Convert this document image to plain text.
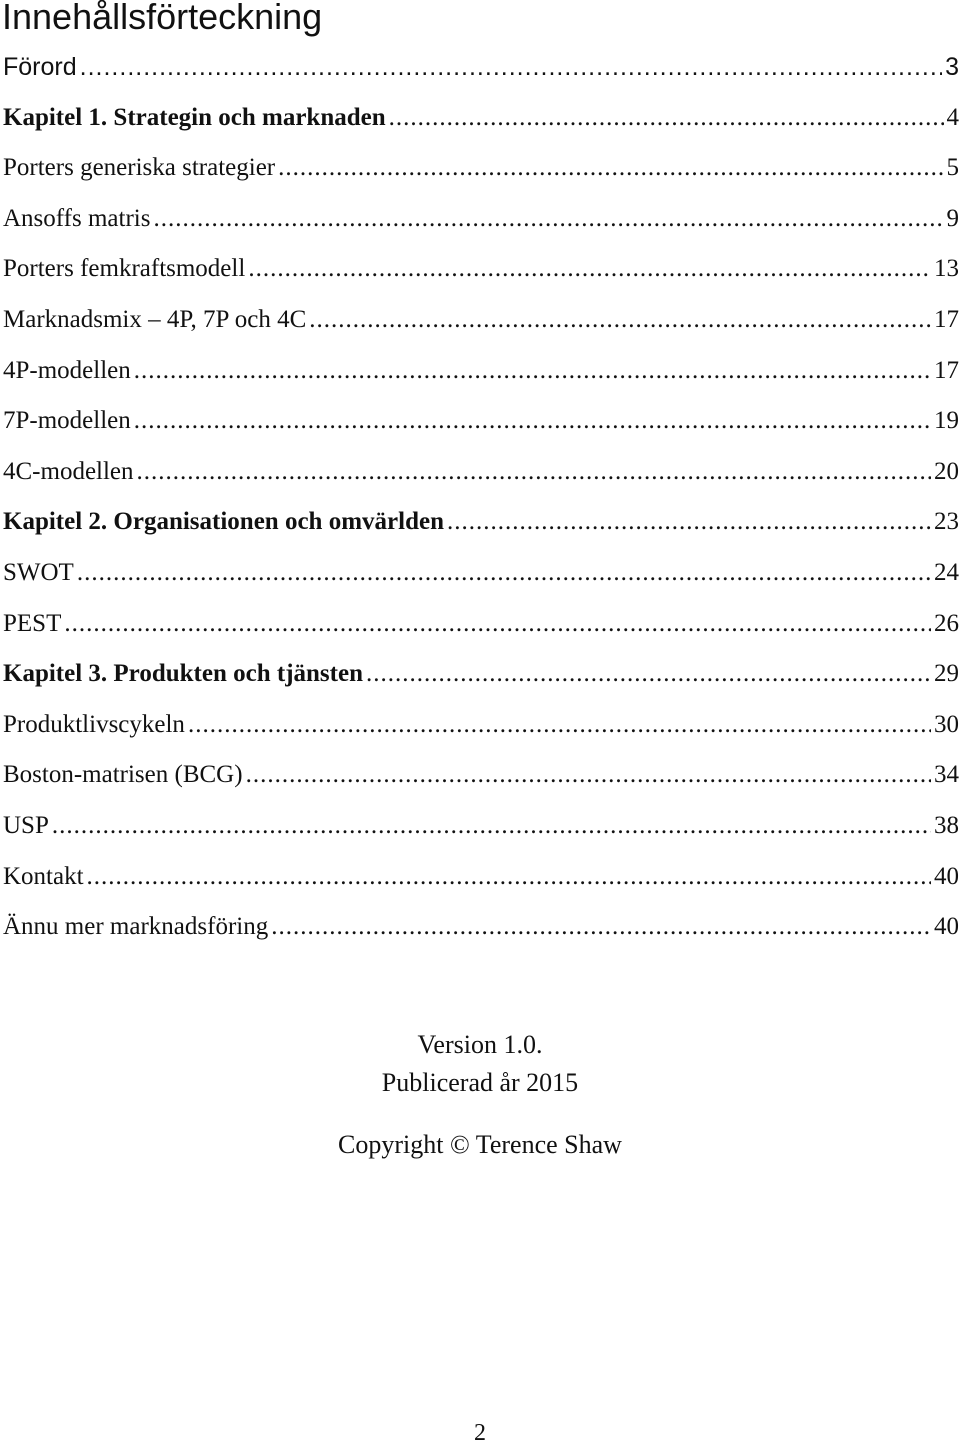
Innehållsförteckning
Förord .....	3
Kapitel 1. Strategin och marknaden .....	4
Porters generiska strategier .....	5
Ansoffs matris .....	9
Porters femkraftsmodell .....	13
Marknadsmix – 4P, 7P och 4C .....	17
4P-modellen .....	17
7P-modellen .....	19
4C-modellen .....	20
Kapitel 2. Organisationen och omvärlden .....	23
SWOT .....	24
PEST .....	26
Kapitel 3. Produkten och tjänsten .....	29
Produktlivscykeln .....	30
Boston-matrisen (BCG) .....	34
USP .....	38
Kontakt .....	40
Ännu mer marknadsföring .....	40
Version 1.0.
Publicerad år 2015
Copyright © Terence Shaw
2
